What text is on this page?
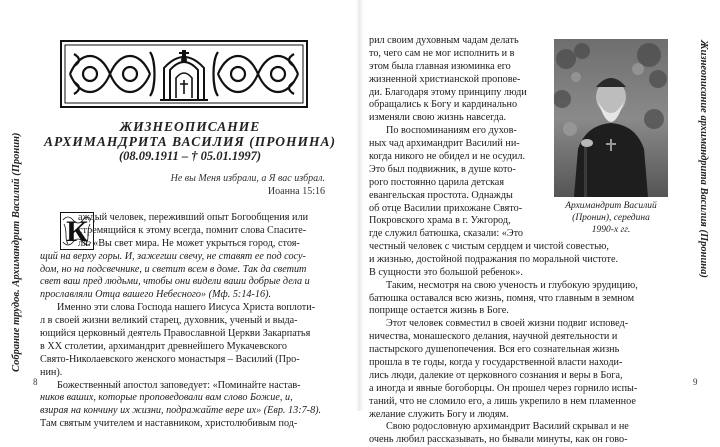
Собрание трудов. Архимандрит Василий (Пронин)
8
ЖИЗНЕОПИСАНИЕ
АРХИМАНДРИТА ВАСИЛИЯ (ПРОНИНА)
(08.09.1911 – † 05.01.1997)
Не вы Меня избрали, а Я вас избрал.
Иоанна 15:16
К
аждый человек, переживший опыт Богообщения или
стремящийся к этому всегда, помнит слова Спасите-
ля: «Вы свет мира. Не может укрыться город, стоя-
щий на верху горы. И, зажегши свечу, не ставят ее под сосу-
дом, но на подсвечнике, и светит всем в доме. Так да светит
свет ваш пред людьми, чтобы они видели ваши добрые дела и
прославляли Отца вашего Небесного» (Мф. 5:14-16).
Именно эти слова Господа нашего Иисуса Христа воплоти-
л в своей жизни великий старец, духовник, ученый и выда-
ющийся церковный деятель Православной Церкви Закарпатья
в XX столетии, архимандрит древнейшего Мукачевского
Свято-Николаевского женского монастыря – Василий (Про-
нин).
Божественный апостол заповедует: «Поминайте настав-
ников ваших, которые проповедовали вам слово Божие, и,
взирая на кончину их жизни, подражайте вере их» (Евр. 13:7-8).
Там святым учителем и наставником, христолюбивым под-
Жизнеописание архимандрита Василия (Пронина)
9
рил своим духовным чадам делать
то, чего сам не мог исполнить и в
этом была главная изюминка его
жизненной христианской пропове-
ди. Благодаря этому принципу люди
обращались к Богу и кардинально
изменяли свою жизнь навсегда.
По воспоминаниям его духов-
ных чад архимандрит Василий ни-
когда никого не обидел и не осудил.
Это был подвижник, в душе кото-
рого постоянно царила детская
евангельская простота. Однажды
об отце Василии прихожане Свято-
Покровского храма в г. Ужгород,
где служил батюшка, сказали: «Это
честный человек с чистым сердцем и чистой совестью,
и жизнью, достойной подражания по моральной чистоте.
В сущности это большой ребенок».
Таким, несмотря на свою ученость и глубокую эрудицию,
батюшка оставался всю жизнь, помня, что главным в земном
поприще остается жизнь в Боге.
Этот человек совместил в своей жизни подвиг исповед-
ничества, монашеского делания, научной деятельности и
пастырского душепопечения. Вся его сознательная жизнь
прошла в те годы, когда у государственной власти находи-
лись люди, далекие от церковного сознания и веры в Бога,
а иногда и явные богоборцы. Он прошел через горнило испы-
таний, что не сломило его, а лишь укрепило в нем пламенное
желание служить Богу и людям.
Свою родословную архимандрит Василий скрывал и не
очень любил рассказывать, но бывали минуты, как он гово-
Архимандрит Василий
(Пронин), середина
1990-х гг.
